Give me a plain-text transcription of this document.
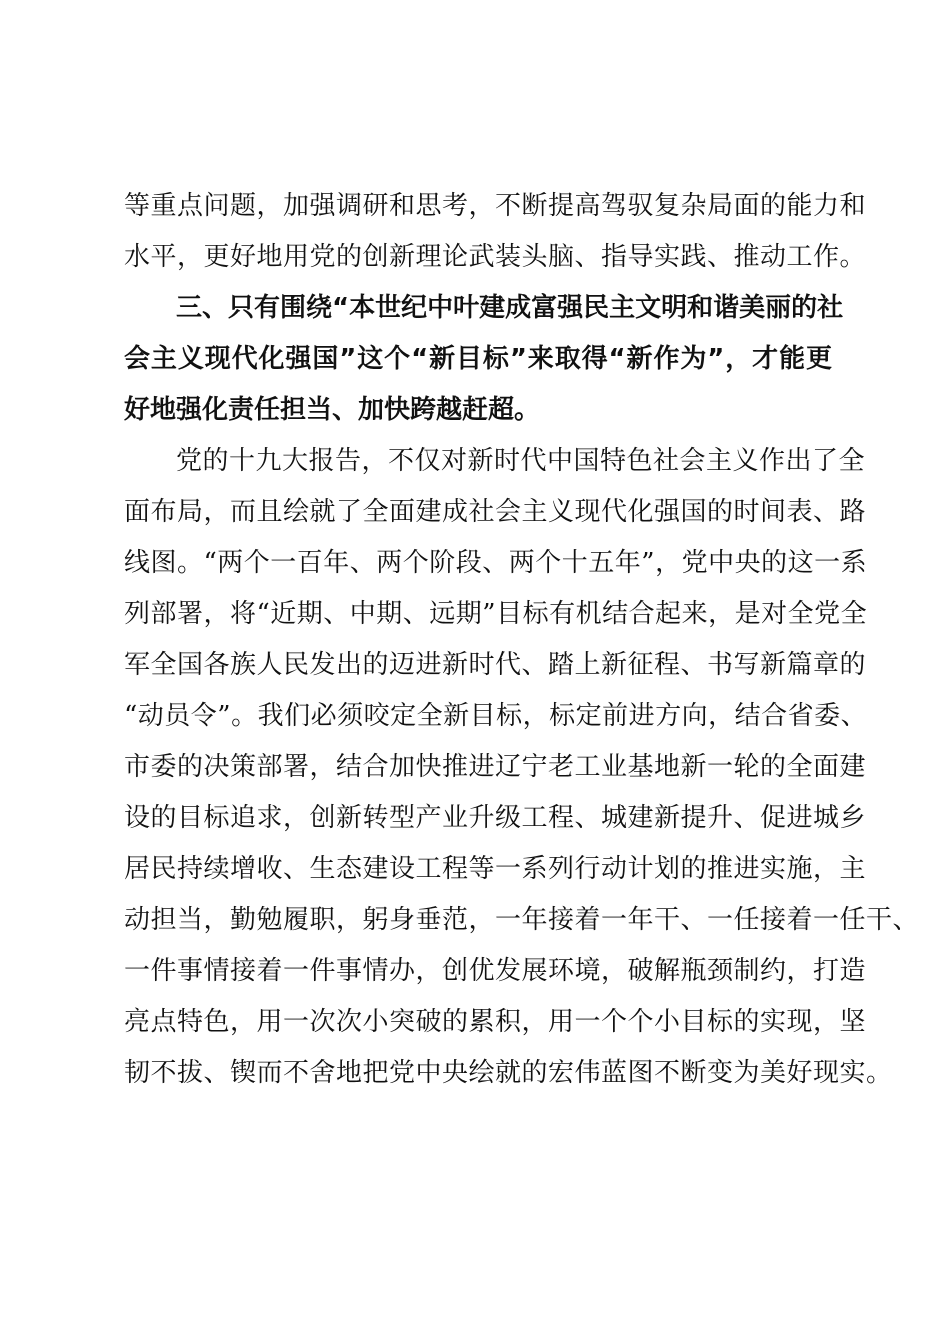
等重点问题，加强调研和思考，不断提高驾驭复杂局面的能力和
水平，更好地用党的创新理论武装头脑、指导实践、推动工作。
三、只有围绕“本世纪中叶建成富强民主文明和谐美丽的社
会主义现代化强国”这个“新目标”来取得“新作为”，才能更
好地强化责任担当、加快跨越赶超。
党的十九大报告，不仅对新时代中国特色社会主义作出了全
面布局，而且绘就了全面建成社会主义现代化强国的时间表、路
线图。“两个一百年、两个阶段、两个十五年”，党中央的这一系
列部署，将“近期、中期、远期”目标有机结合起来，是对全党全
军全国各族人民发出的迈进新时代、踏上新征程、书写新篇章的
“动员令”。我们必须咬定全新目标，标定前进方向，结合省委、
市委的决策部署，结合加快推进辽宁老工业基地新一轮的全面建
设的目标追求，创新转型产业升级工程、城建新提升、促进城乡
居民持续增收、生态建设工程等一系列行动计划的推进实施，主
动担当，勤勉履职，躬身垂范，一年接着一年干、一任接着一任干、
一件事情接着一件事情办，创优发展环境，破解瓶颈制约，打造
亮点特色，用一次次小突破的累积，用一个个小目标的实现，坚
韧不拔、锲而不舍地把党中央绘就的宏伟蓝图不断变为美好现实。
